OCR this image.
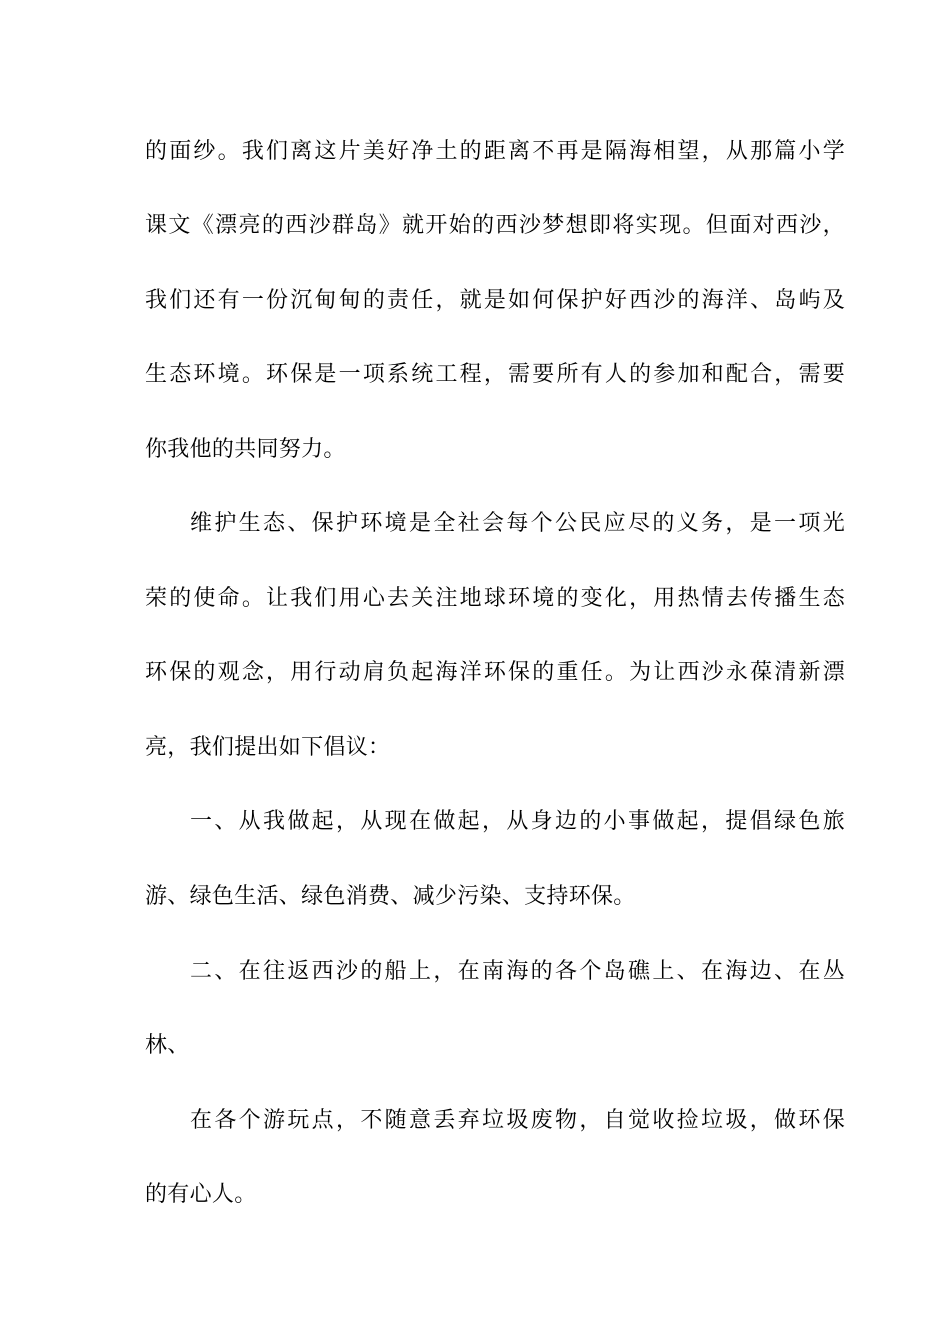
的面纱。我们离这片美好净土的距离不再是隔海相望，从那篇小学
课文《漂亮的西沙群岛》就开始的西沙梦想即将实现。但面对西沙，
我们还有一份沉甸甸的责任，就是如何保护好西沙的海洋、岛屿及
生态环境。环保是一项系统工程，需要所有人的参加和配合，需要
你我他的共同努力。
维护生态、保护环境是全社会每个公民应尽的义务，是一项光
荣的使命。让我们用心去关注地球环境的变化，用热情去传播生态
环保的观念，用行动肩负起海洋环保的重任。为让西沙永葆清新漂
亮，我们提出如下倡议：
一、从我做起，从现在做起，从身边的小事做起，提倡绿色旅
游、绿色生活、绿色消费、减少污染、支持环保。
二、在往返西沙的船上，在南海的各个岛礁上、在海边、在丛
林、
在各个游玩点，不随意丢弃垃圾废物，自觉收捡垃圾，做环保
的有心人。
